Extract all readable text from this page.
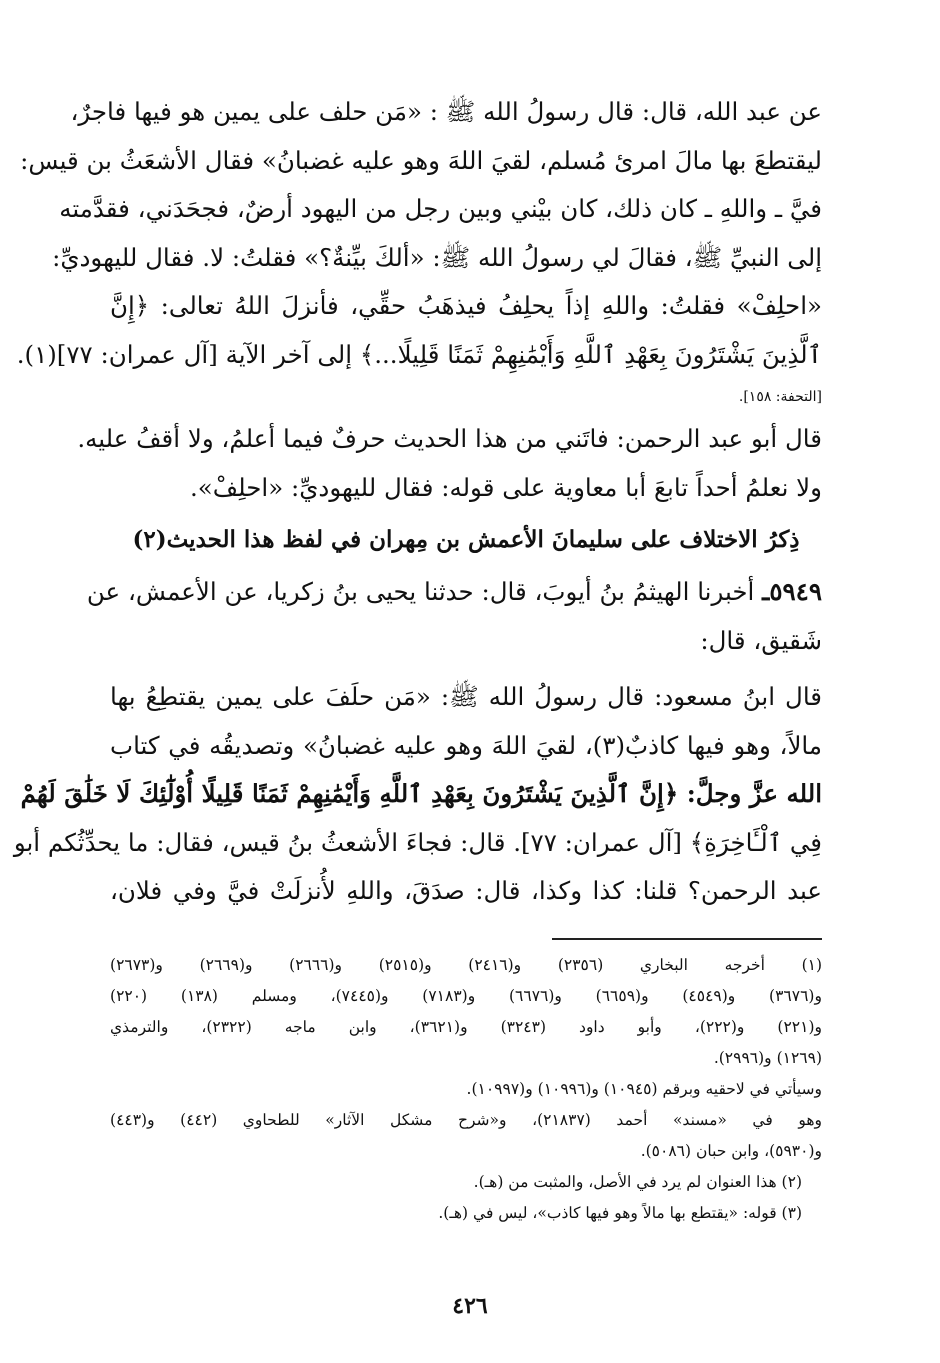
عن عبد الله، قال: قال رسولُ الله ﷺ : «مَن حلف على يمين هو فيها فاجرٌ،
ليقتطعَ بها مالَ امرئ مُسلم، لقيَ اللهَ وهو عليه غضبانُ» فقال الأشعَثُ بن قيس:
فيَّ ـ واللهِ ـ كان ذلك، كان بيْني وبين رجل من اليهود أرضٌ، فجحَدَني، فقدَّمته
إلى النبيِّ ﷺ، فقالَ لي رسولُ الله ﷺ: «ألكَ بيِّنةٌ؟» فقلتُ: لا. فقال لليهوديِّ:
«احلِفْ» فقلتُ: واللهِ إذاً يحلِفُ فيذهَبُ حقِّي، فأنزلَ اللهُ تعالى: ﴿إِنَّ
ٱلَّذِينَ يَشْتَرُونَ بِعَهْدِ ٱللَّهِ وَأَيْمَٰنِهِمْ ثَمَنًا قَلِيلًا...﴾ إلى آخر الآية [آل عمران: ٧٧](١).
[التحفة: ١٥٨].
قال أبو عبد الرحمن: فاتَني من هذا الحديث حرفٌ فيما أعلمُ، ولا أقفُ عليه.
ولا نعلمُ أحداً تابعَ أبا معاوية على قوله: فقال لليهوديِّ: «احلِفْ».
ذِكرُ الاختلاف على سليمانَ الأعمش بن مِهران في لفظ هذا الحديث(٢)
٥٩٤٩ـ أخبرنا الهيثمُ بنُ أيوبَ، قال: حدثنا يحيى بنُ زكريا، عن الأعمش، عن
شَقيق، قال:
قال ابنُ مسعود: قال رسولُ الله ﷺ: «مَن حلَفَ على يمين يقتطِعُ بها
مالاً، وهو فيها كاذبٌ(٣)، لقيَ اللهَ وهو عليه غضبانُ» وتصديقُه في كتاب
الله عزَّ وجلَّ: ﴿إِنَّ ٱلَّذِينَ يَشْتَرُونَ بِعَهْدِ ٱللَّهِ وَأَيْمَٰنِهِمْ ثَمَنًا قَلِيلًا أُوْلَٰٓئِكَ لَا خَلَٰقَ لَهُمْ
فِي ٱلْـَٔاخِرَةِ﴾ [آل عمران: ٧٧]. قال: فجاءَ الأشعثُ بنُ قيس، فقال: ما يحدِّثُكم أبو
عبد الرحمن؟ قلنا: كذا وكذا، قال: صدَقَ، واللهِ لأُنزلَتْ فيَّ وفي فلان،
(١) أخرجه البخاري (٢٣٥٦) و(٢٤١٦) و(٢٥١٥) و(٢٦٦٦) و(٢٦٦٩) و(٢٦٧٣)
و(٣٦٧٦) و(٤٥٤٩) و(٦٦٥٩) و(٦٦٧٦) و(٧١٨٣) و(٧٤٤٥)، ومسلم (١٣٨) (٢٢٠)
و(٢٢١) و(٢٢٢)، وأبو داود (٣٢٤٣) و(٣٦٢١)، وابن ماجه (٢٣٢٢)، والترمذي
(١٢٦٩) و(٢٩٩٦).
وسيأتي في لاحقيه وبرقم (١٠٩٤٥) و(١٠٩٩٦) و(١٠٩٩٧).
وهو في «مسند» أحمد (٢١٨٣٧)، و«شرح مشكل الآثار» للطحاوي (٤٤٢) و(٤٤٣)
و(٥٩٣٠)، وابن حبان (٥٠٨٦).
(٢) هذا العنوان لم يرد في الأصل، والمثبت من (هـ).
(٣) قوله: «يقتطع بها مالاً وهو فيها كاذب»، ليس في (هـ).
٤٢٦
